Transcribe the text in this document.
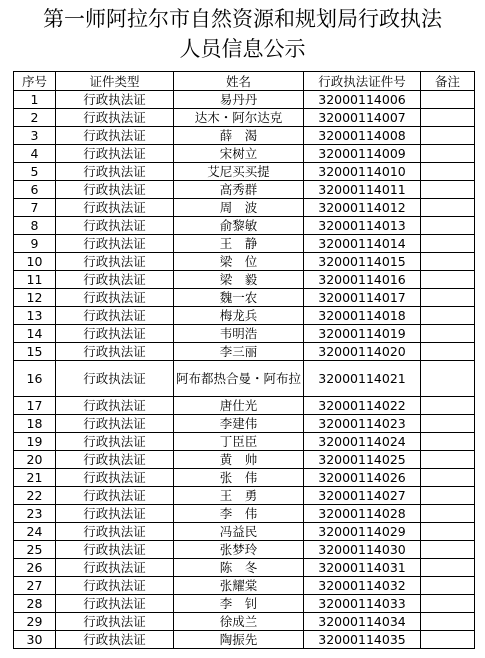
第一师阿拉尔市自然资源和规划局行政执法
人员信息公示
序号	证件类型	姓名	行政执法证件号	备注
1	行政执法证	易丹丹	32000114006	
2	行政执法证	达木・阿尔达克	32000114007	
3	行政执法证	薛　渴	32000114008	
4	行政执法证	宋树立	32000114009	
5	行政执法证	艾尼买买提	32000114010	
6	行政执法证	高秀群	32000114011	
7	行政执法证	周　波	32000114012	
8	行政执法证	俞黎敏	32000114013	
9	行政执法证	王　静	32000114014	
10	行政执法证	梁　位	32000114015	
11	行政执法证	梁　毅	32000114016	
12	行政执法证	魏一农	32000114017	
13	行政执法证	梅龙兵	32000114018	
14	行政执法证	韦明浩	32000114019	
15	行政执法证	李三丽	32000114020	
16	行政执法证	阿布都热合曼・阿布拉	32000114021	
17	行政执法证	唐仕光	32000114022	
18	行政执法证	李建伟	32000114023	
19	行政执法证	丁臣臣	32000114024	
20	行政执法证	黄　帅	32000114025	
21	行政执法证	张　伟	32000114026	
22	行政执法证	王　勇	32000114027	
23	行政执法证	李　伟	32000114028	
24	行政执法证	冯益民	32000114029	
25	行政执法证	张梦玲	32000114030	
26	行政执法证	陈　冬	32000114031	
27	行政执法证	张耀棠	32000114032	
28	行政执法证	李　钊	32000114033	
29	行政执法证	徐成兰	32000114034	
30	行政执法证	陶振先	32000114035	
